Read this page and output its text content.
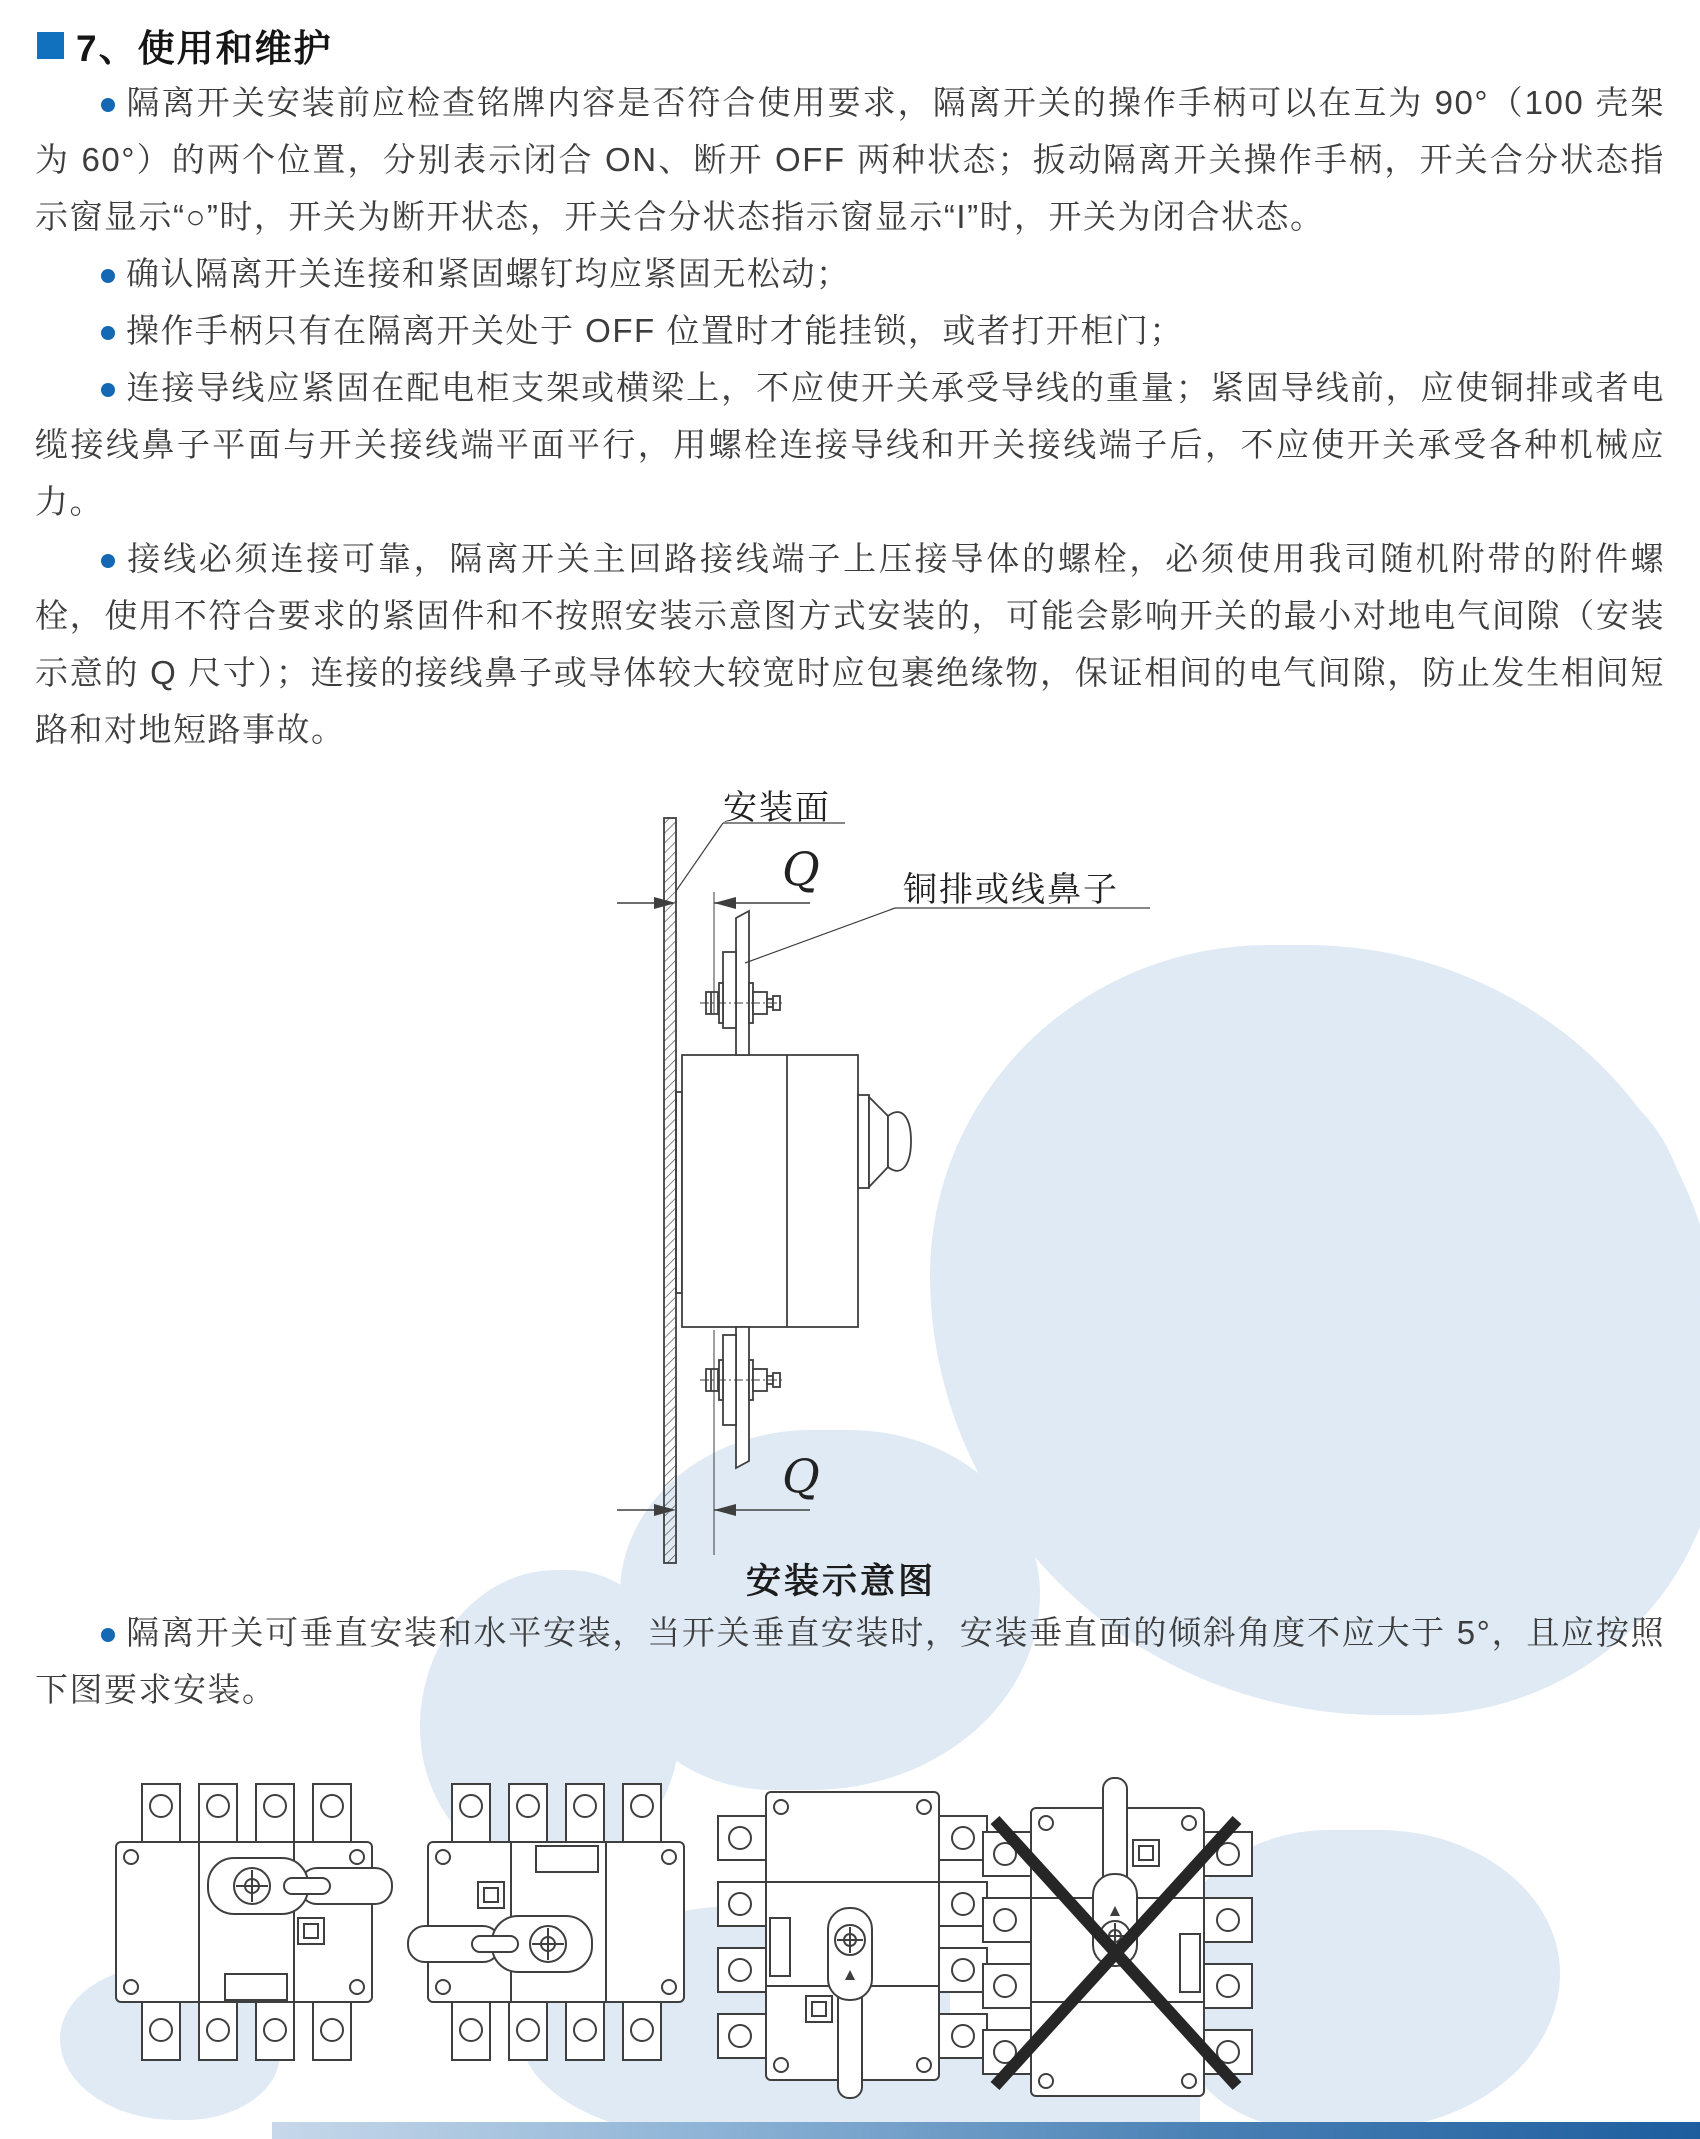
7、使用和维护

隔离开关安装前应检查铭牌内容是否符合使用要求，隔离开关的操作手柄可以在互为 90°（100 壳架为 60°）的两个位置，分别表示闭合 ON、断开 OFF 两种状态；扳动隔离开关操作手柄，开关合分状态指示窗显示“○”时，开关为断开状态，开关合分状态指示窗显示“I”时，开关为闭合状态。

确认隔离开关连接和紧固螺钉均应紧固无松动；

操作手柄只有在隔离开关处于 OFF 位置时才能挂锁，或者打开柜门；

连接导线应紧固在配电柜支架或横梁上，不应使开关承受导线的重量；紧固导线前，应使铜排或者电缆接线鼻子平面与开关接线端平面平行，用螺栓连接导线和开关接线端子后，不应使开关承受各种机械应力。

接线必须连接可靠，隔离开关主回路接线端子上压接导体的螺栓，必须使用我司随机附带的附件螺栓，使用不符合要求的紧固件和不按照安装示意图方式安装的，可能会影响开关的最小对地电气间隙（安装示意的 Q 尺寸）；连接的接线鼻子或导体较大较宽时应包裹绝缘物，保证相间的电气间隙，防止发生相间短路和对地短路事故。

安装面
铜排或线鼻子
Q
Q
安装示意图

隔离开关可垂直安装和水平安装，当开关垂直安装时，安装垂直面的倾斜角度不应大于 5°，且应按照下图要求安装。
